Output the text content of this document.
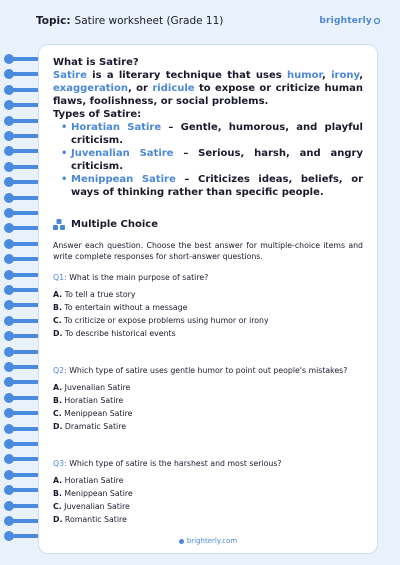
Topic: Satire worksheet (Grade 11)	brighterly

What is Satire?

Satire is a literary technique that uses humor, irony, exaggeration, or ridicule to expose or criticize human flaws, foolishness, or social problems.

Types of Satire:

• Horatian Satire – Gentle, humorous, and playful criticism.
• Juvenalian Satire – Serious, harsh, and angry criticism.
• Menippean Satire – Criticizes ideas, beliefs, or ways of thinking rather than specific people.
Multiple Choice

Answer each question. Choose the best answer for multiple-choice items and write complete responses for short-answer questions.

Q1: What is the main purpose of satire?

A. To tell a true story
B. To entertain without a message
C. To criticize or expose problems using humor or irony
D. To describe historical events

Q2: Which type of satire uses gentle humor to point out people's mistakes?

A. Juvenalian Satire
B. Horatian Satire
C. Menippean Satire
D. Dramatic Satire

Q3: Which type of satire is the harshest and most serious?

A. Horatian Satire
B. Menippean Satire
C. Juvenalian Satire
D. Romantic Satire
brighterly.com
